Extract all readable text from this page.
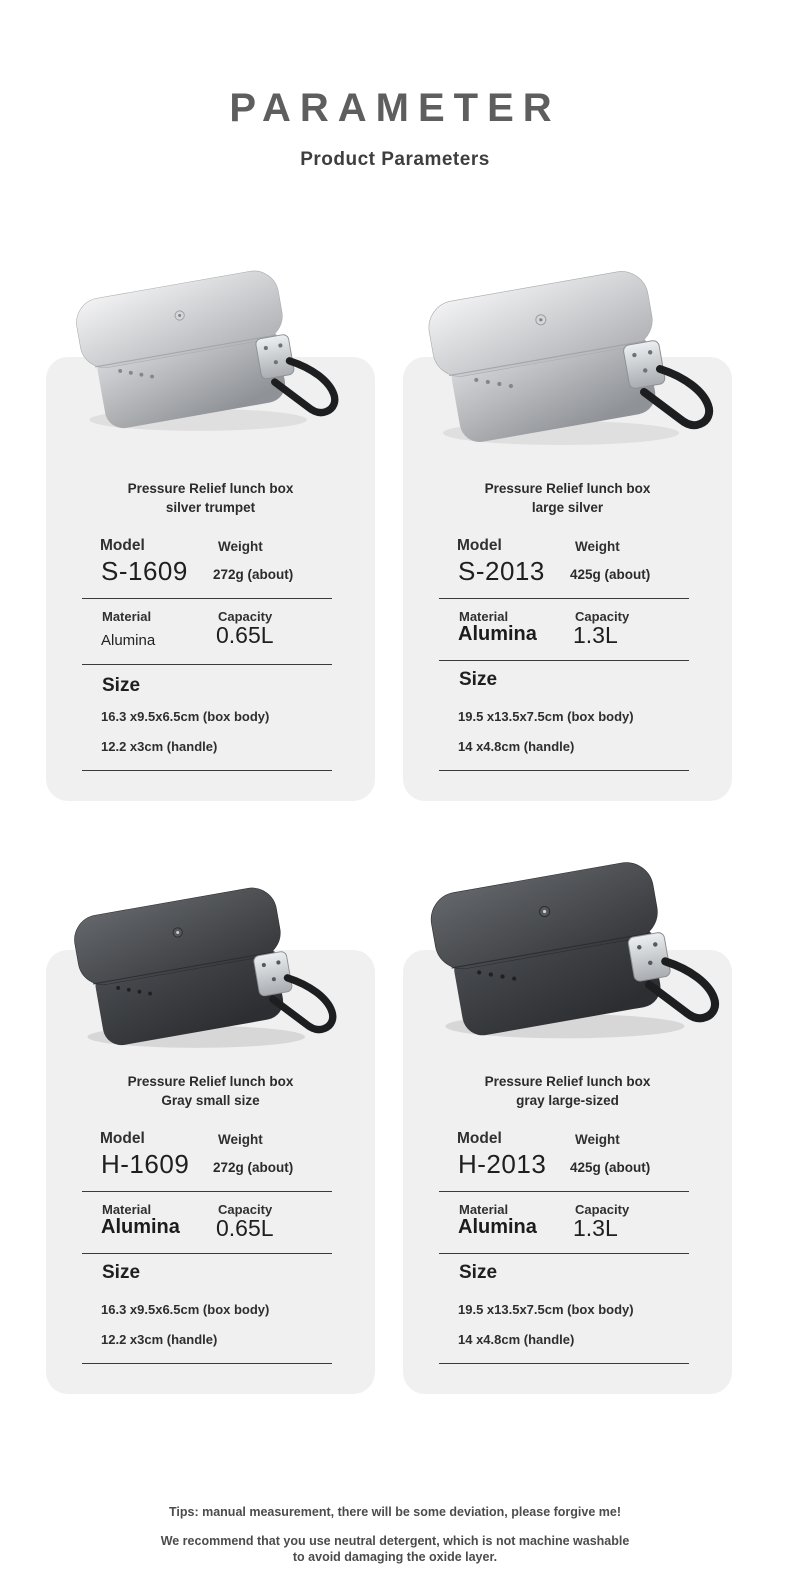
PARAMETER
Product Parameters
Pressure Relief lunch box
silver trumpet
Model	Weight
S-1609 272g (about)
Material	Capacity
Alumina	0.65L
Size
16.3 x9.5x6.5cm (box body)
12.2 x3cm (handle)
Pressure Relief lunch box
large silver
Model	Weight
S-2013 425g (about)
Material	Capacity
Alumina 1.3L
Size
19.5 x13.5x7.5cm (box body)
14 x4.8cm (handle)
Pressure Relief lunch box
Gray small size
Model	Weight
H-1609 272g (about)
Material	Capacity
Alumina 0.65L
Size
16.3 x9.5x6.5cm (box body)
12.2 x3cm (handle)
Pressure Relief lunch box
gray large-sized
Model	Weight
H-2013 425g (about)
Material	Capacity
Alumina 1.3L
Size
19.5 x13.5x7.5cm (box body)
14 x4.8cm (handle)
Tips: manual measurement, there will be some deviation, please forgive me!
We recommend that you use neutral detergent, which is not machine washable to avoid damaging the oxide layer.
